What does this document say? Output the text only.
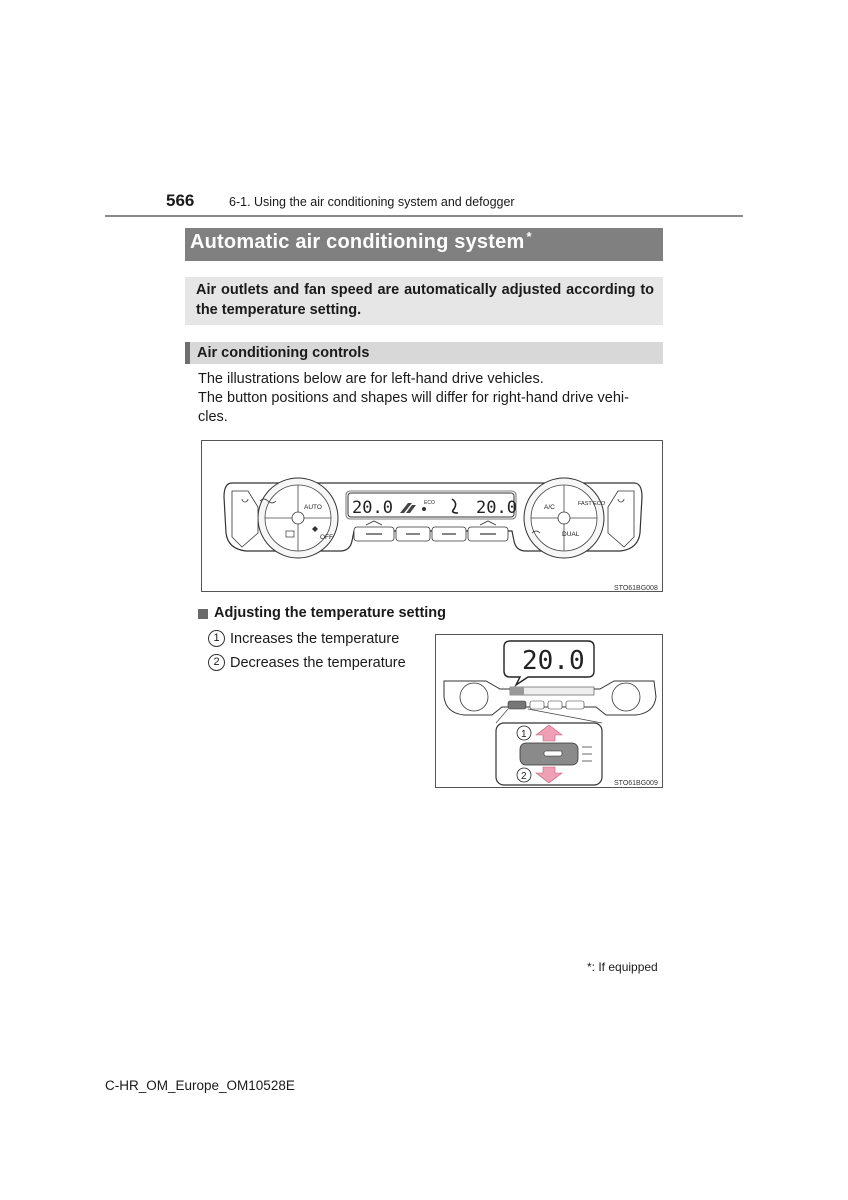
566	6-1. Using the air conditioning system and defogger
Automatic air conditioning system *
Air outlets and fan speed are automatically adjusted according to the temperature setting.
Air conditioning controls
The illustrations below are for left-hand drive vehicles.
The button positions and shapes will differ for right-hand drive vehi-
cles.
20.0	20.0
ECO
AUTO
OFF
A/C	FAST ECO
DUAL
STO61BG008
Adjusting the temperature setting
1 Increases the temperature
2 Decreases the temperature	20.0
1
2
STO61BG009
*: If equipped
C-HR_OM_Europe_OM10528E
